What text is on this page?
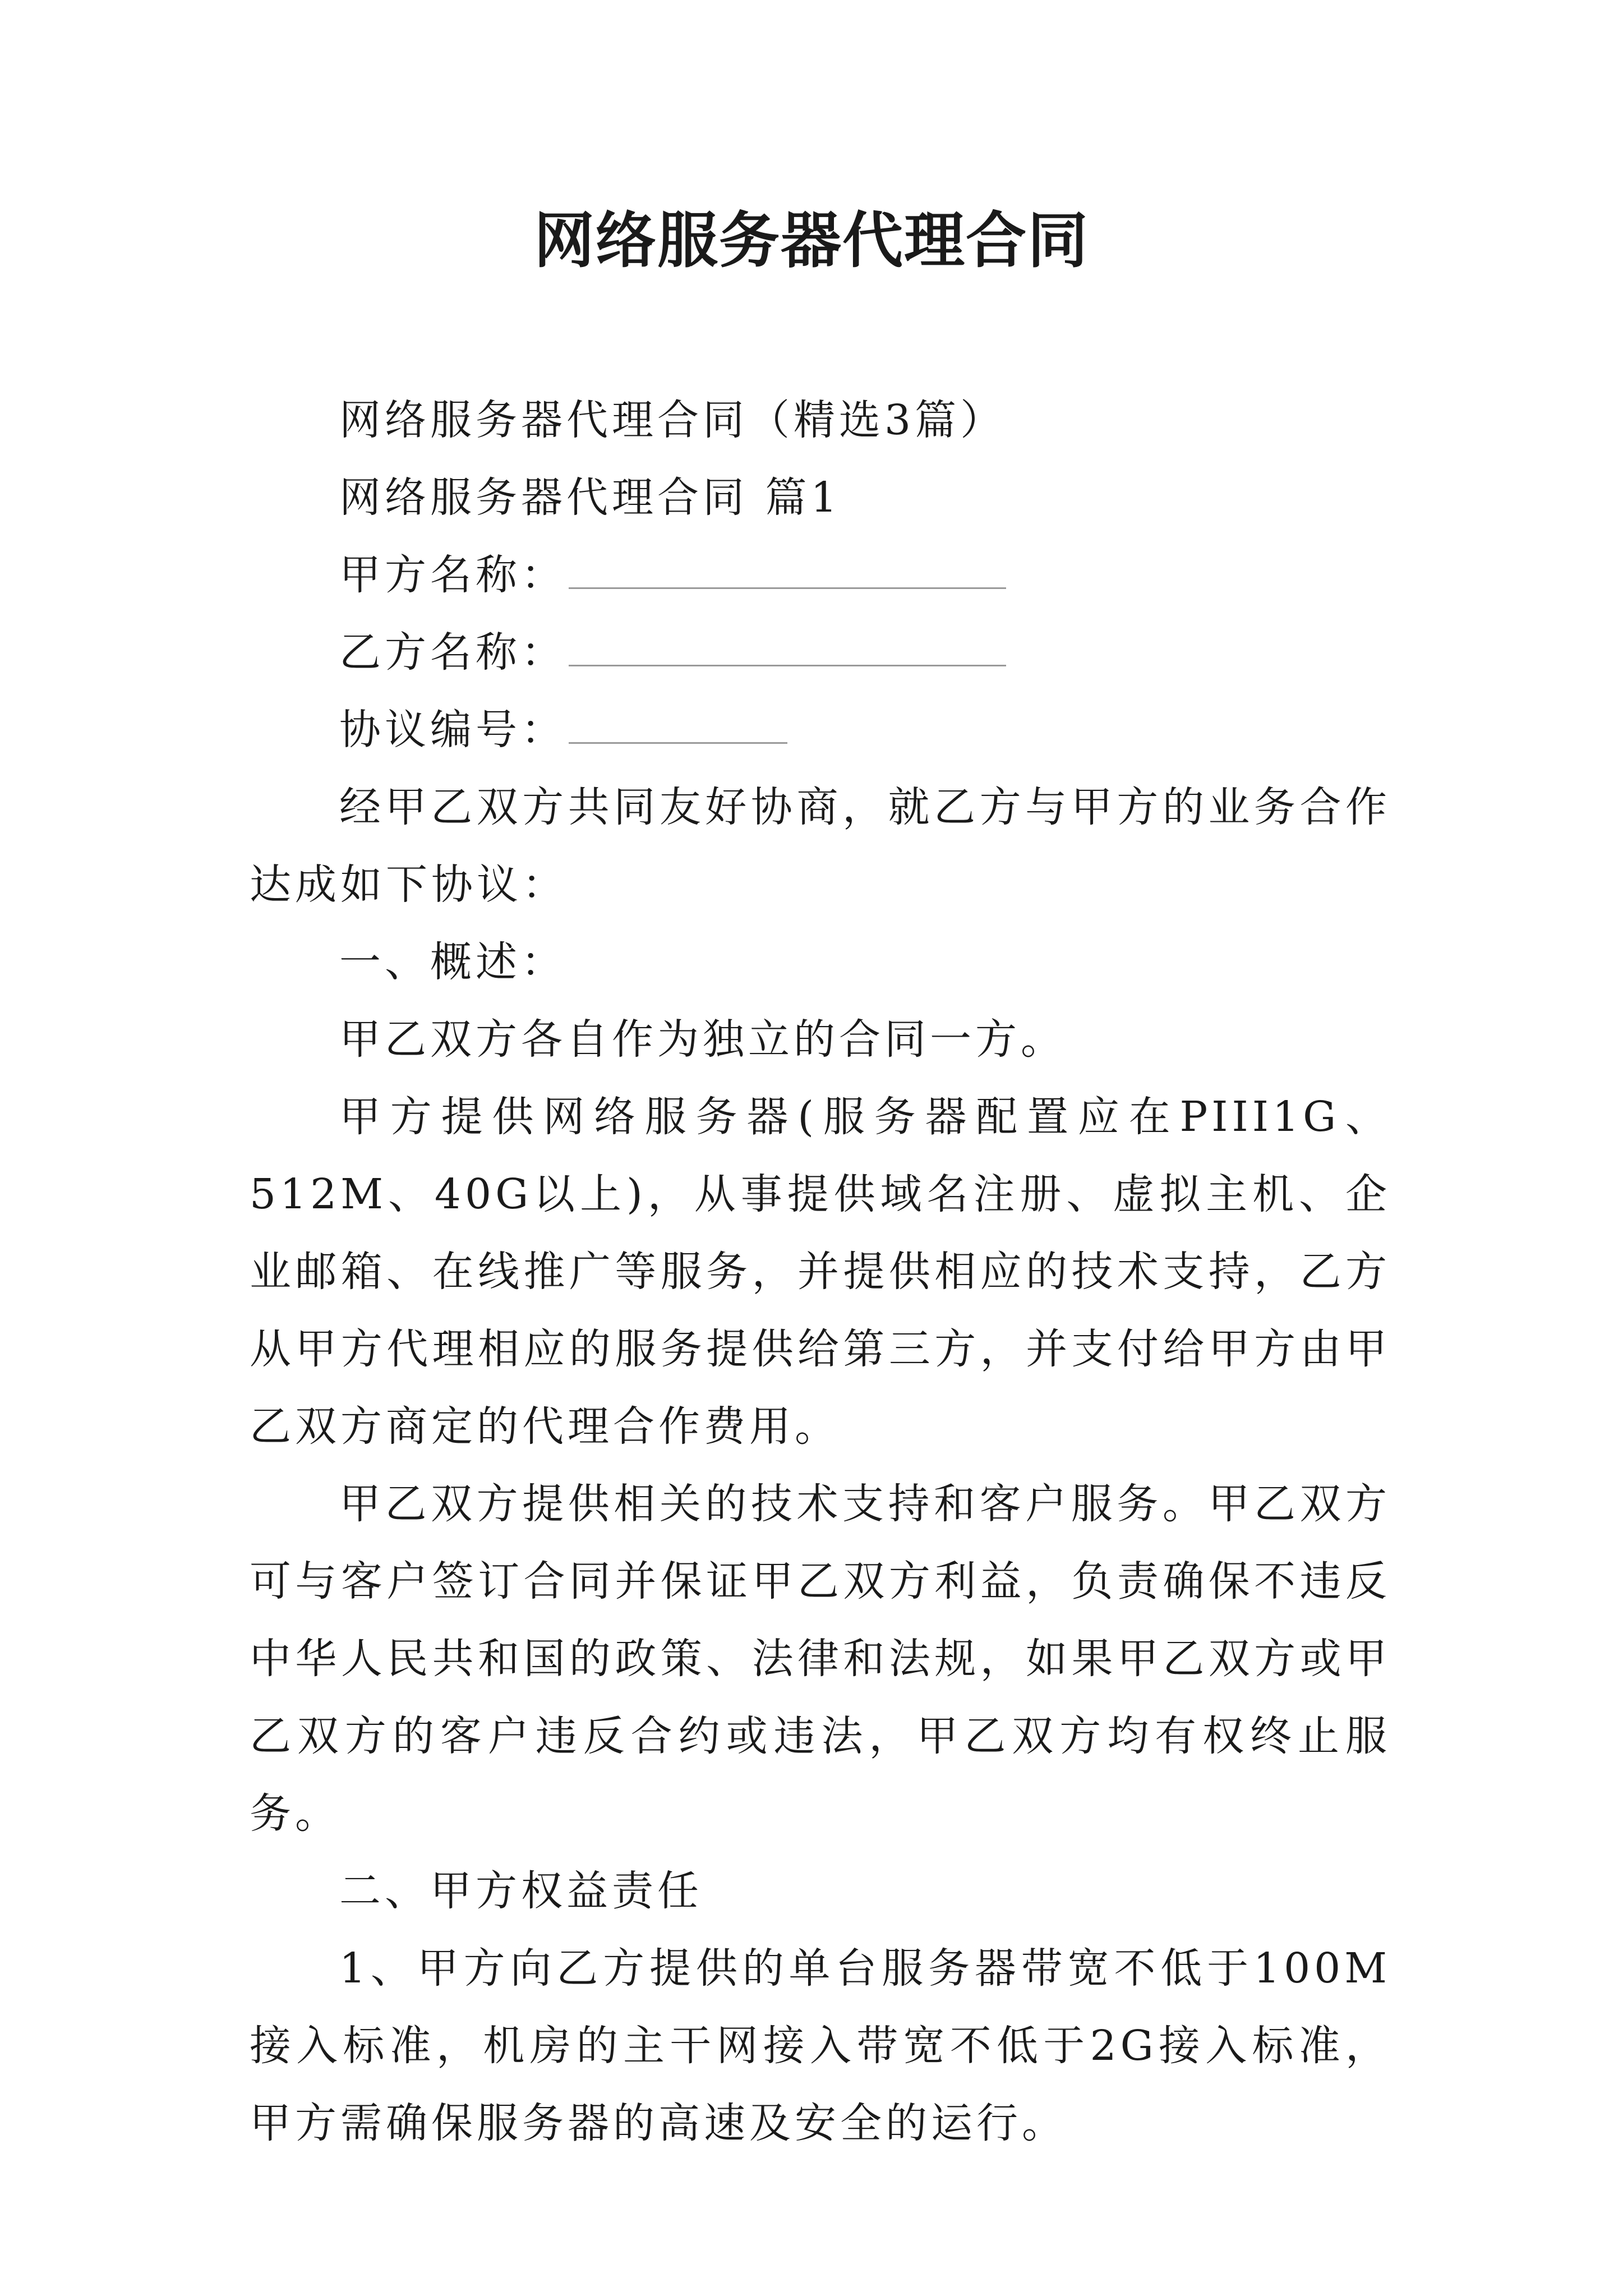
网络服务器代理合同

网络服务器代理合同（精选3篇）

网络服务器代理合同 篇1

甲方名称：

乙方名称：

协议编号：

经甲乙双方共同友好协商，就乙方与甲方的业务合作达成如下协议：

一、概述：

甲乙双方各自作为独立的合同一方。

甲方提供网络服务器(服务器配置应在PIII1G、512M、40G以上)，从事提供域名注册、虚拟主机、企业邮箱、在线推广等服务，并提供相应的技术支持，乙方从甲方代理相应的服务提供给第三方，并支付给甲方由甲乙双方商定的代理合作费用。

甲乙双方提供相关的技术支持和客户服务。甲乙双方可与客户签订合同并保证甲乙双方利益，负责确保不违反中华人民共和国的政策、法律和法规，如果甲乙双方或甲乙双方的客户违反合约或违法，甲乙双方均有权终止服务。

二、甲方权益责任

1、甲方向乙方提供的单台服务器带宽不低于100M接入标准，机房的主干网接入带宽不低于2G接入标准，甲方需确保服务器的高速及安全的运行。
